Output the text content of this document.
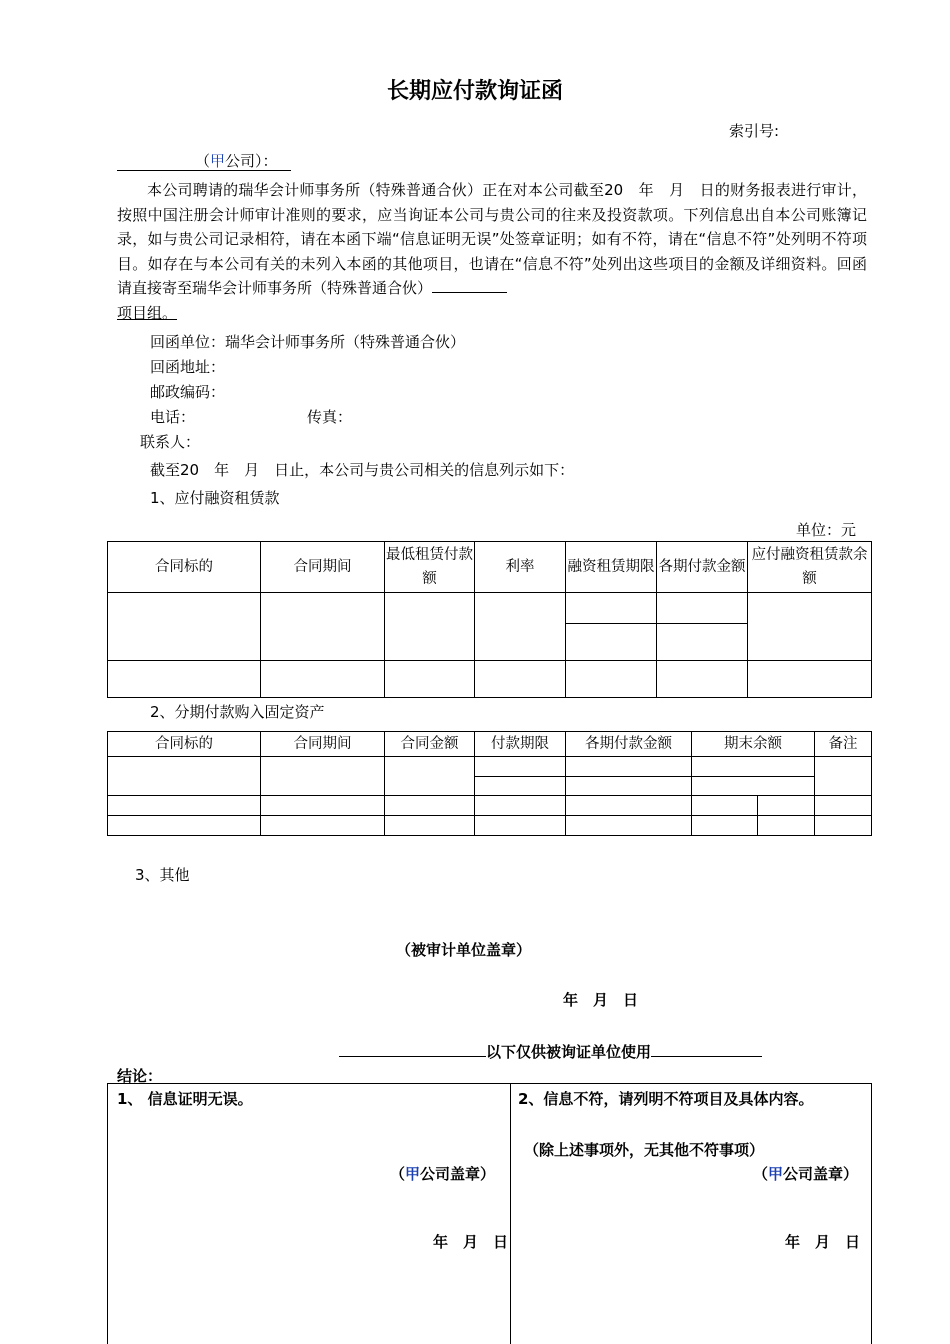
长期应付款询证函
索引号:
（甲公司）：
本公司聘请的瑞华会计师事务所（特殊普通合伙）正在对本公司截至20　年　月　日的财务报表进行审计，按照中国注册会计师审计准则的要求，应当询证本公司与贵公司的往来及投资款项。下列信息出自本公司账簿记录，如与贵公司记录相符，请在本函下端“信息证明无误”处签章证明；如有不符，请在“信息不符”处列明不符项目。如存在与本公司有关的未列入本函的其他项目，也请在“信息不符”处列出这些项目的金额及详细资料。回函请直接寄至瑞华会计师事务所（特殊普通合伙）
项目组。
回函单位：瑞华会计师事务所（特殊普通合伙）
回函地址：
邮政编码：
电话：	传真：
联系人：
截至20　年　月　日止，本公司与贵公司相关的信息列示如下：
1、应付融资租赁款
单位：元
合同标的	合同期间	最低租赁付款额	利率	融资租赁期限	各期付款金额	应付融资租赁款余额

2、分期付款购入固定资产
合同标的	合同期间	合同金额	付款期限	各期付款金额	期末余额	备注

3、其他
（被审计单位盖章）
年　月　日
以下仅供被询证单位使用
结论：
1、 信息证明无误。
（甲公司盖章）
年　月　日
2、信息不符，请列明不符项目及具体内容。
（除上述事项外，无其他不符事项）
（甲公司盖章）
年　月　日
